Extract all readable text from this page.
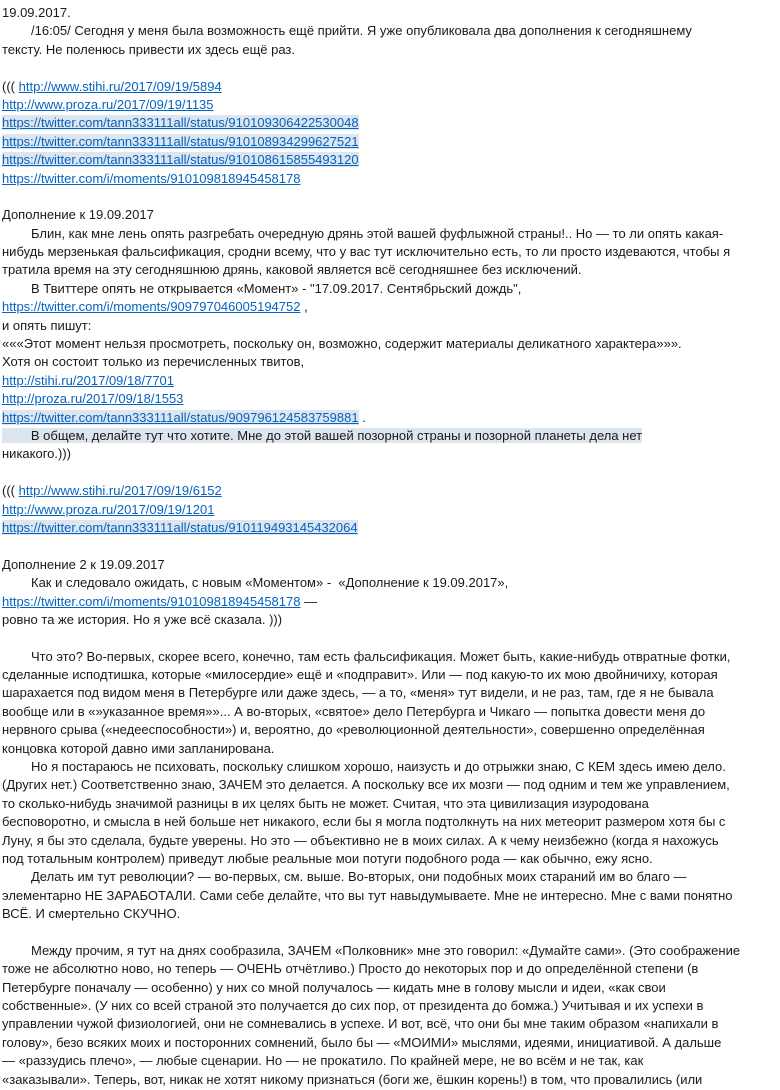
19.09.2017.
/16:05/ Сегодня у меня была возможность ещё прийти. Я уже опубликовала два дополнения к сегодняшнему
тексту. Не поленюсь привести их здесь ещё раз.

((( http://www.stihi.ru/2017/09/19/5894
http://www.proza.ru/2017/09/19/1135
https://twitter.com/tann333111all/status/910109306422530048
https://twitter.com/tann333111all/status/910108934299627521
https://twitter.com/tann333111all/status/910108615855493120
https://twitter.com/i/moments/910109818945458178

Дополнение к 19.09.2017
Блин, как мне лень опять разгребать очередную дрянь этой вашей фуфлыжной страны!.. Но — то ли опять какая-
нибудь мерзенькая фальсификация, сродни всему, что у вас тут исключительно есть, то ли просто издеваются, чтобы я
тратила время на эту сегодняшнюю дрянь, каковой является всё сегодняшнее без исключений.
В Твиттере опять не открывается «Момент» - "17.09.2017. Сентябрьский дождь",
https://twitter.com/i/moments/909797046005194752 ,
и опять пишут:
«««Этот момент нельзя просмотреть, поскольку он, возможно, содержит материалы деликатного характера»»».
Хотя он состоит только из перечисленных твитов,
http://stihi.ru/2017/09/18/7701
http://proza.ru/2017/09/18/1553
https://twitter.com/tann333111all/status/909796124583759881 .
В общем, делайте тут что хотите. Мне до этой вашей позорной страны и позорной планеты дела нет
никакого.)))

((( http://www.stihi.ru/2017/09/19/6152
http://www.proza.ru/2017/09/19/1201
https://twitter.com/tann333111all/status/910119493145432064

Дополнение 2 к 19.09.2017
Как и следовало ожидать, с новым «Моментом» -  «Дополнение к 19.09.2017»,
https://twitter.com/i/moments/910109818945458178 —
ровно та же история. Но я уже всё сказала. )))

Что это? Во-первых, скорее всего, конечно, там есть фальсификация. Может быть, какие-нибудь отвратные фотки,
сделанные исподтишка, которые «милосердие» ещё и «подправит». Или — под какую-то их мою двойничиху, которая
шарахается под видом меня в Петербурге или даже здесь, — а то, «меня» тут видели, и не раз, там, где я не бывала
вообще или в «»указанное время»»... А во-вторых, «святое» дело Петербурга и Чикаго — попытка довести меня до
нервного срыва («недееспособности») и, вероятно, до «революционной деятельности», совершенно определённая
концовка которой давно ими запланирована.
Но я постараюсь не психовать, поскольку слишком хорошо, наизусть и до отрыжки знаю, С КЕМ здесь имею дело.
(Других нет.) Соответственно знаю, ЗАЧЕМ это делается. А поскольку все их мозги — под одним и тем же управлением,
то сколько-нибудь значимой разницы в их целях быть не может. Считая, что эта цивилизация изуродована
бесповоротно, и смысла в ней больше нет никакого, если бы я могла подтолкнуть на них метеорит размером хотя бы с
Луну, я бы это сделала, будьте уверены. Но это — объективно не в моих силах. А к чему неизбежно (когда я нахожусь
под тотальным контролем) приведут любые реальные мои потуги подобного рода — как обычно, ежу ясно.
Делать им тут революции? — во-первых, см. выше. Во-вторых, они подобных моих стараний им во благо —
элементарно НЕ ЗАРАБОТАЛИ. Сами себе делайте, что вы тут навыдумываете. Мне не интересно. Мне с вами понятно
ВСЁ. И смертельно СКУЧНО.

Между прочим, я тут на днях сообразила, ЗАЧЕМ «Полковник» мне это говорил: «Думайте сами». (Это соображение
тоже не абсолютно ново, но теперь — ОЧЕНЬ отчётливо.) Просто до некоторых пор и до определённой степени (в
Петербурге поначалу — особенно) у них со мной получалось — кидать мне в голову мысли и идеи, «как свои
собственные». (У них со всей страной это получается до сих пор, от президента до бомжа.) Учитывая и их успехи в
управлении чужой физиологией, они не сомневались в успехе. И вот, всё, что они бы мне таким образом «напихали в
голову», безо всяких моих и посторонних сомнений, было бы — «МОИМИ» мыслями, идеями, инициативой. А дальше
— «раззудись плечо», — любые сценарии. Но — не прокатило. По крайней мере, не во всём и не так, как
«заказывали». Теперь, вот, никак не хотят никому признаться (боги же, ёшкин корень!) в том, что провалились (или
